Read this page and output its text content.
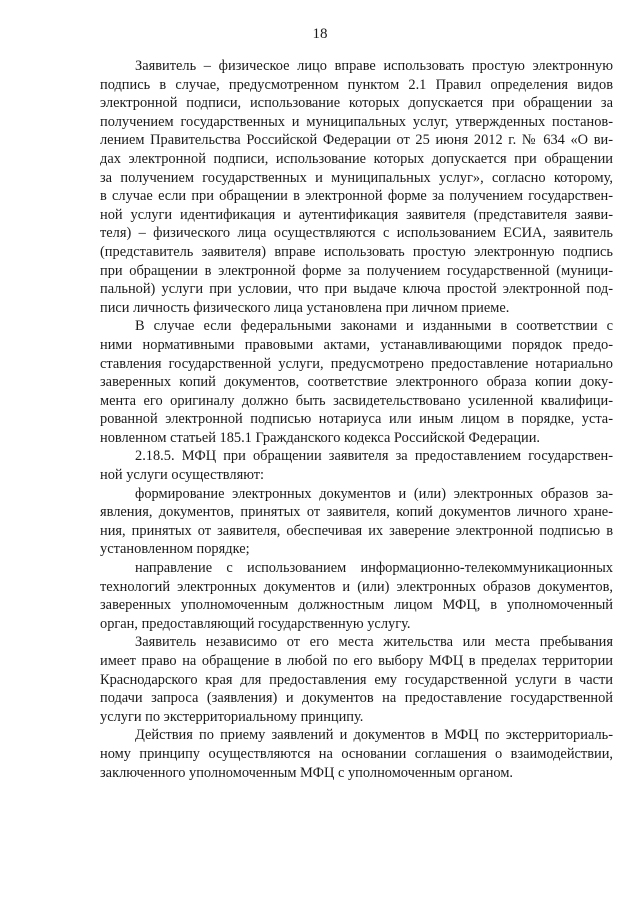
18
Заявитель – физическое лицо вправе использовать простую электронную
подпись в случае, предусмотренном пунктом 2.1 Правил определения видов
электронной подписи, использование которых допускается при обращении за
получением государственных и муниципальных услуг, утвержденных постанов-
лением Правительства Российской Федерации от 25 июня 2012 г. № 634 «О ви-
дах электронной подписи, использование которых допускается при обращении
за получением государственных и муниципальных услуг», согласно которому,
в случае если при обращении в электронной форме за получением государствен-
ной услуги идентификация и аутентификация заявителя (представителя заяви-
теля) – физического лица осуществляются с использованием ЕСИА, заявитель
(представитель заявителя) вправе использовать простую электронную подпись
при обращении в электронной форме за получением государственной (муници-
пальной) услуги при условии, что при выдаче ключа простой электронной под-
писи личность физического лица установлена при личном приеме.
В случае если федеральными законами и изданными в соответствии с
ними нормативными правовыми актами, устанавливающими порядок предо-
ставления государственной услуги, предусмотрено предоставление нотариально
заверенных копий документов, соответствие электронного образа копии доку-
мента его оригиналу должно быть засвидетельствовано усиленной квалифици-
рованной электронной подписью нотариуса или иным лицом в порядке, уста-
новленном статьей 185.1 Гражданского кодекса Российской Федерации.
2.18.5. МФЦ при обращении заявителя за предоставлением государствен-
ной услуги осуществляют:
формирование электронных документов и (или) электронных образов за-
явления, документов, принятых от заявителя, копий документов личного хране-
ния, принятых от заявителя, обеспечивая их заверение электронной подписью в
установленном порядке;
направление с использованием информационно-телекоммуникационных
технологий электронных документов и (или) электронных образов документов,
заверенных уполномоченным должностным лицом МФЦ, в уполномоченный
орган, предоставляющий государственную услугу.
Заявитель независимо от его места жительства или места пребывания
имеет право на обращение в любой по его выбору МФЦ в пределах территории
Краснодарского края для предоставления ему государственной услуги в части
подачи запроса (заявления) и документов на предоставление государственной
услуги по экстерриториальному принципу.
Действия по приему заявлений и документов в МФЦ по экстерриториаль-
ному принципу осуществляются на основании соглашения о взаимодействии,
заключенного уполномоченным МФЦ с уполномоченным органом.
